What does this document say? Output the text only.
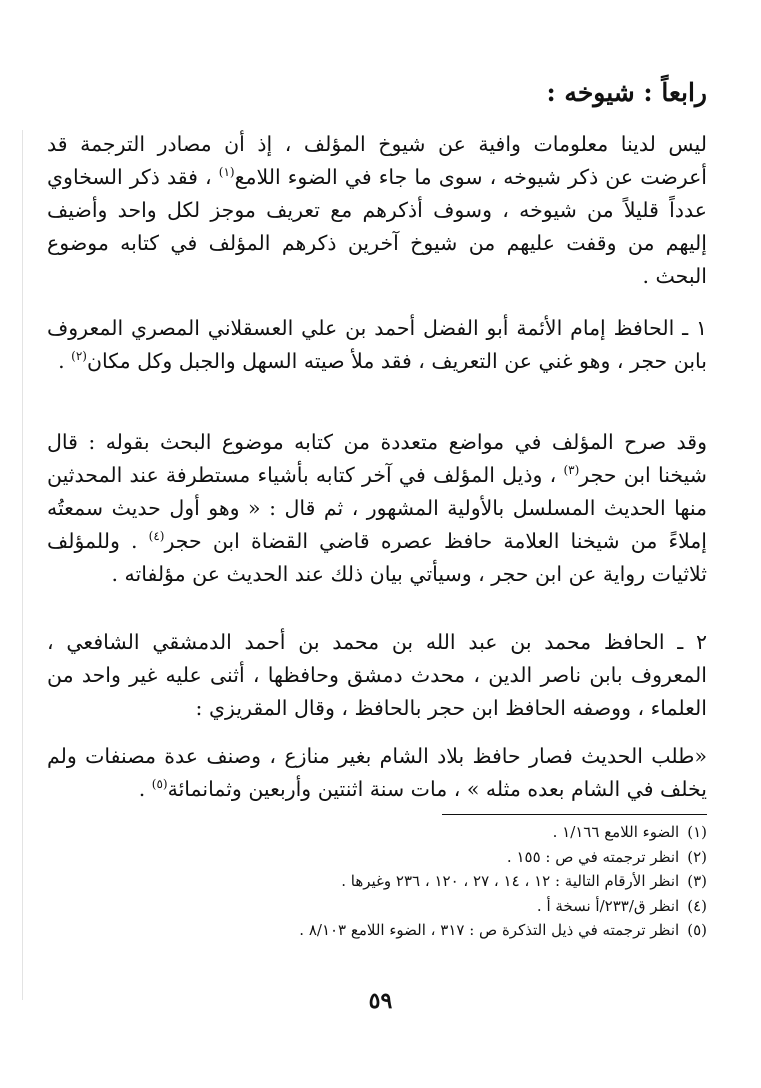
رابعاً : شيوخه :

ليس لدينا معلومات وافية عن شيوخ المؤلف ، إذ أن مصادر الترجمة قد أعرضت عن ذكر شيوخه ، سوى ما جاء في الضوء اللامع$^{(١)}$ ، فقد ذكر السخاوي عدداً قليلاً من شيوخه ، وسوف أذكرهم مع تعريف موجز لكل واحد وأضيف إليهم من وقفت عليهم من شيوخ آخرين ذكرهم المؤلف في كتابه موضوع البحث .

١ ـ الحافظ إمام الأئمة أبو الفضل أحمد بن علي العسقلاني المصري المعروف بابن حجر ، وهو غني عن التعريف ، فقد ملأ صيته السهل والجبل وكل مكان$^{(٢)}$ .

وقد صرح المؤلف في مواضع متعددة من كتابه موضوع البحث بقوله : قال شيخنا ابن حجر$^{(٣)}$ ، وذيل المؤلف في آخر كتابه بأشياء مستطرفة عند المحدثين منها الحديث المسلسل بالأولية المشهور ، ثم قال : « وهو أول حديث سمعتُه إملاءً من شيخنا العلامة حافظ عصره قاضي القضاة ابن حجر$^{(٤)}$ . وللمؤلف ثلاثيات رواية عن ابن حجر ، وسيأتي بيان ذلك عند الحديث عن مؤلفاته .

٢ ـ الحافظ محمد بن عبد الله بن محمد بن أحمد الدمشقي الشافعي ، المعروف بابن ناصر الدين ، محدث دمشق وحافظها ، أثنى عليه غير واحد من العلماء ، ووصفه الحافظ ابن حجر بالحافظ ، وقال المقريزي :

«طلب الحديث فصار حافظ بلاد الشام بغير منازع ، وصنف عدة مصنفات ولم يخلف في الشام بعده مثله » ، مات سنة اثنتين وأربعين وثمانمائة$^{(٥)}$ .

(١)الضوء اللامع ١/١٦٦ .
(٢)انظر ترجمته في ص : ١٥٥ .
(٣)انظر الأرقام التالية : ١٢ ، ١٤ ، ٢٧ ، ١٢٠ ، ٢٣٦ وغيرها .
(٤)انظر ق/٢٣٣/أ نسخة أ .
(٥)انظر ترجمته في ذيل التذكرة ص : ٣١٧ ، الضوء اللامع ٨/١٠٣ .
٥٩
